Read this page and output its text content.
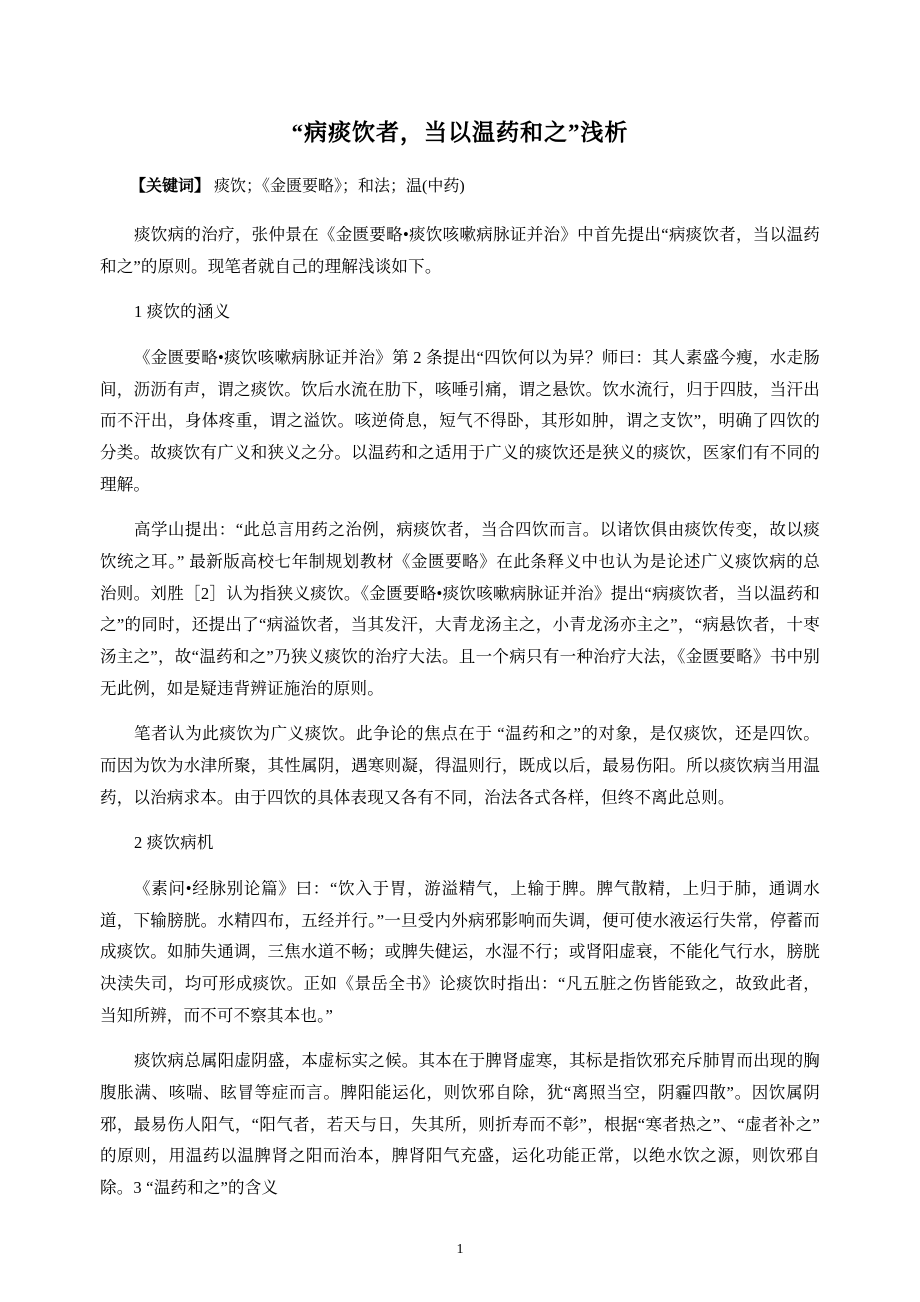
“病痰饮者，当以温药和之”浅析

【关键词】 痰饮；《金匮要略》；和法；温(中药)

痰饮病的治疗，张仲景在《金匮要略•痰饮咳嗽病脉证并治》中首先提出“病痰饮者，当以温药和之”的原则。现笔者就自己的理解浅谈如下。

1 痰饮的涵义

《金匮要略•痰饮咳嗽病脉证并治》第 2 条提出“四饮何以为异？师曰：其人素盛今瘦，水走肠间，沥沥有声，谓之痰饮。饮后水流在肋下，咳唾引痛，谓之悬饮。饮水流行，归于四肢，当汗出而不汗出，身体疼重，谓之溢饮。咳逆倚息，短气不得卧，其形如肿，谓之支饮”，明确了四饮的分类。故痰饮有广义和狭义之分。以温药和之适用于广义的痰饮还是狭义的痰饮，医家们有不同的理解。

高学山提出：“此总言用药之治例，病痰饮者，当合四饮而言。以诸饮俱由痰饮传变，故以痰饮统之耳。” 最新版高校七年制规划教材《金匮要略》在此条释义中也认为是论述广义痰饮病的总治则。刘胜［2］认为指狭义痰饮。《金匮要略•痰饮咳嗽病脉证并治》提出“病痰饮者，当以温药和之”的同时，还提出了“病溢饮者，当其发汗，大青龙汤主之，小青龙汤亦主之”，“病悬饮者，十枣汤主之”，故“温药和之”乃狭义痰饮的治疗大法。且一个病只有一种治疗大法，《金匮要略》书中别无此例，如是疑违背辨证施治的原则。

笔者认为此痰饮为广义痰饮。此争论的焦点在于 “温药和之”的对象，是仅痰饮，还是四饮。而因为饮为水津所聚，其性属阴，遇寒则凝，得温则行，既成以后，最易伤阳。所以痰饮病当用温药，以治病求本。由于四饮的具体表现又各有不同，治法各式各样，但终不离此总则。

2 痰饮病机

《素问•经脉别论篇》曰：“饮入于胃，游溢精气，上输于脾。脾气散精，上归于肺，通调水道，下输膀胱。水精四布，五经并行。”一旦受内外病邪影响而失调，便可使水液运行失常，停蓄而成痰饮。如肺失通调，三焦水道不畅；或脾失健运，水湿不行；或肾阳虚衰，不能化气行水，膀胱决渎失司，均可形成痰饮。正如《景岳全书》论痰饮时指出：“凡五脏之伤皆能致之，故致此者，当知所辨，而不可不察其本也。”

痰饮病总属阳虚阴盛，本虚标实之候。其本在于脾肾虚寒，其标是指饮邪充斥肺胃而出现的胸腹胀满、咳喘、眩冒等症而言。脾阳能运化，则饮邪自除，犹“离照当空，阴霾四散”。因饮属阴邪，最易伤人阳气，“阳气者，若天与日，失其所，则折寿而不彰”，根据“寒者热之”、“虚者补之”的原则，用温药以温脾肾之阳而治本，脾肾阳气充盛，运化功能正常，以绝水饮之源，则饮邪自除。3 “温药和之”的含义

1
